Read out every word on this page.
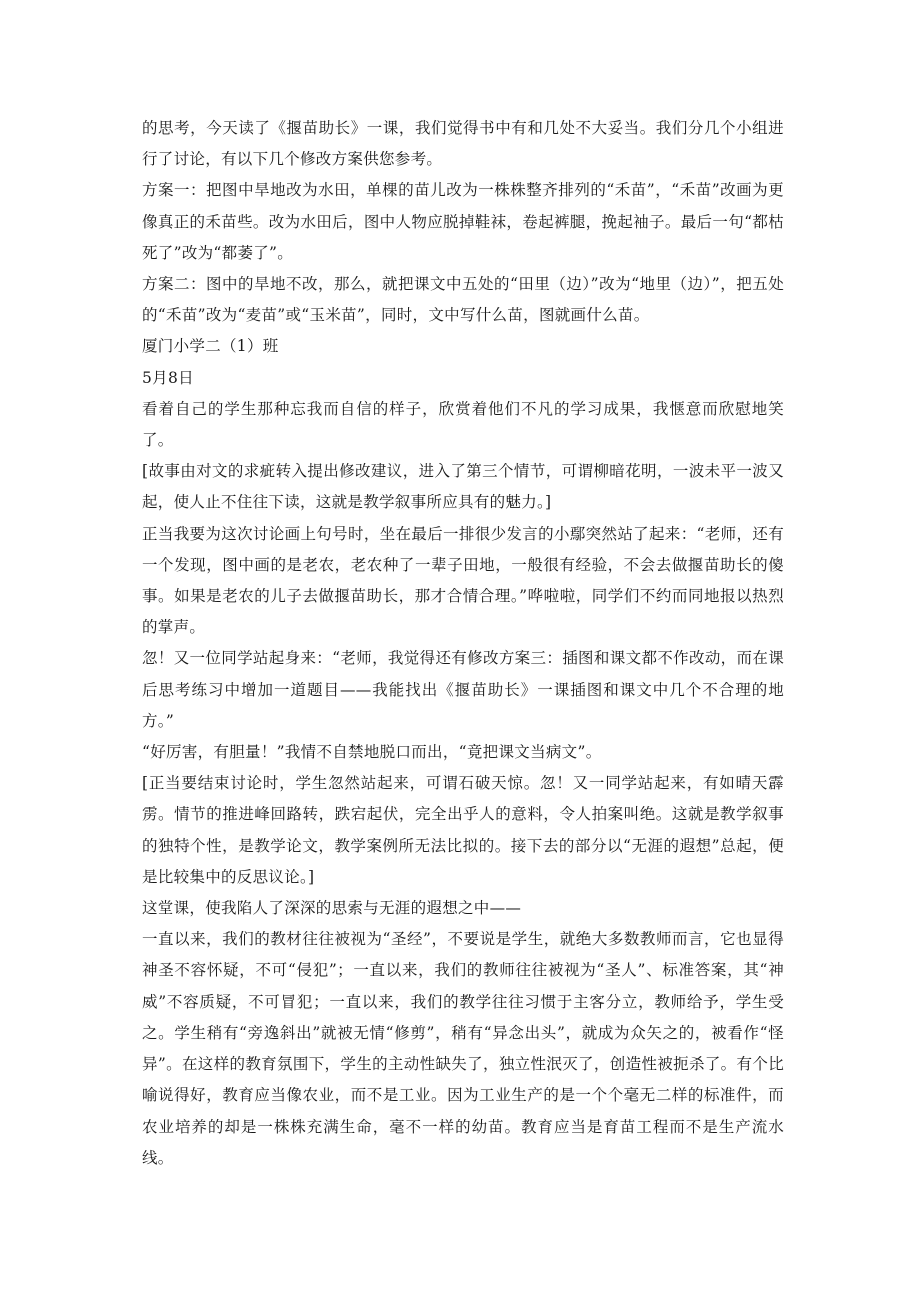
的思考，今天读了《揠苗助长》一课，我们觉得书中有和几处不大妥当。我们分几个小组进行了讨论，有以下几个修改方案供您参考。

方案一：把图中旱地改为水田，单棵的苗儿改为一株株整齐排列的“禾苗”，“禾苗”改画为更像真正的禾苗些。改为水田后，图中人物应脱掉鞋袜，卷起裤腿，挽起袖子。最后一句“都枯死了”改为“都萎了”。

方案二：图中的旱地不改，那么，就把课文中五处的“田里（边）”改为“地里（边）”，把五处的“禾苗”改为“麦苗”或“玉米苗”，同时，文中写什么苗，图就画什么苗。

厦门小学二（1）班

5月8日

看着自己的学生那种忘我而自信的样子，欣赏着他们不凡的学习成果，我惬意而欣慰地笑了。

[故事由对文的求疵转入提出修改建议，进入了第三个情节，可谓柳暗花明，一波未平一波又起，使人止不住往下读，这就是教学叙事所应具有的魅力。]

正当我要为这次讨论画上句号时，坐在最后一排很少发言的小鄢突然站了起来：“老师，还有一个发现，图中画的是老农，老农种了一辈子田地，一般很有经验，不会去做揠苗助长的傻事。如果是老农的儿子去做揠苗助长，那才合情合理。”哗啦啦，同学们不约而同地报以热烈的掌声。

忽！又一位同学站起身来：“老师，我觉得还有修改方案三：插图和课文都不作改动，而在课后思考练习中增加一道题目——我能找出《揠苗助长》一课插图和课文中几个不合理的地方。”

“好厉害，有胆量！”我情不自禁地脱口而出，“竟把课文当病文”。

[正当要结束讨论时，学生忽然站起来，可谓石破天惊。忽！又一同学站起来，有如晴天霹雳。情节的推进峰回路转，跌宕起伏，完全出乎人的意料，令人拍案叫绝。这就是教学叙事的独特个性，是教学论文，教学案例所无法比拟的。接下去的部分以“无涯的遐想”总起，便是比较集中的反思议论。]

这堂课，使我陷人了深深的思索与无涯的遐想之中——

一直以来，我们的教材往往被视为“圣经”，不要说是学生，就绝大多数教师而言，它也显得神圣不容怀疑，不可“侵犯”；一直以来，我们的教师往往被视为“圣人”、标准答案，其“神威”不容质疑，不可冒犯；一直以来，我们的教学往往习惯于主客分立，教师给予，学生受之。学生稍有“旁逸斜出”就被无情“修剪”，稍有“异念出头”，就成为众矢之的，被看作“怪异”。在这样的教育氛围下，学生的主动性缺失了，独立性泯灭了，创造性被扼杀了。有个比喻说得好，教育应当像农业，而不是工业。因为工业生产的是一个个毫无二样的标准件，而农业培养的却是一株株充满生命，毫不一样的幼苗。教育应当是育苗工程而不是生产流水线。
